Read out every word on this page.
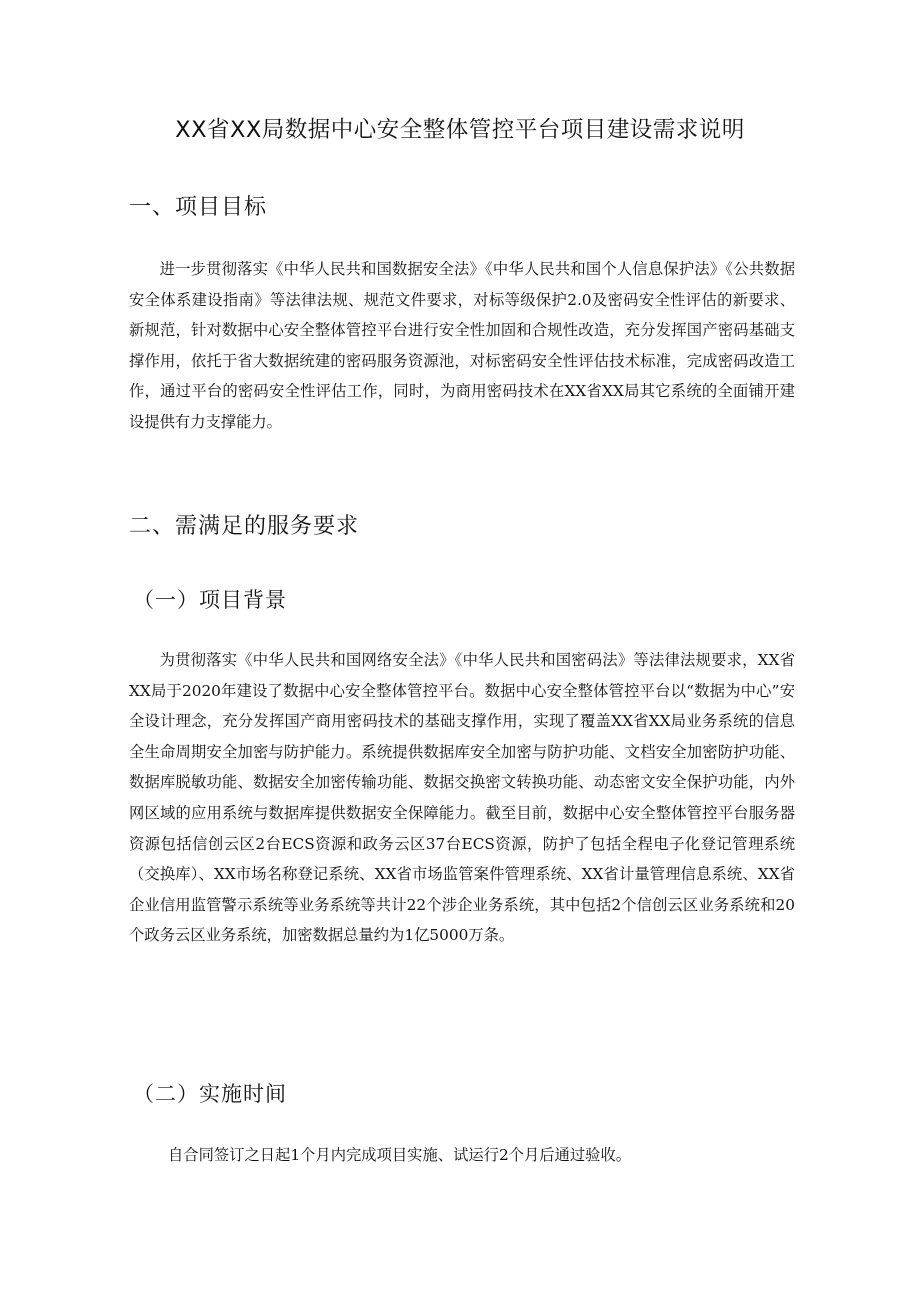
XX省XX局数据中心安全整体管控平台项目建设需求说明
一、项目目标
进一步贯彻落实《中华人民共和国数据安全法》《中华人民共和国个人信息保护法》《公共数据安全体系建设指南》等法律法规、规范文件要求，对标等级保护2.0及密码安全性评估的新要求、新规范，针对数据中心安全整体管控平台进行安全性加固和合规性改造，充分发挥国产密码基础支撑作用，依托于省大数据统建的密码服务资源池，对标密码安全性评估技术标准，完成密码改造工作，通过平台的密码安全性评估工作，同时，为商用密码技术在XX省XX局其它系统的全面铺开建设提供有力支撑能力。
二、需满足的服务要求
（一）项目背景
为贯彻落实《中华人民共和国网络安全法》《中华人民共和国密码法》等法律法规要求，XX省XX局于2020年建设了数据中心安全整体管控平台。数据中心安全整体管控平台以“数据为中心”安全设计理念，充分发挥国产商用密码技术的基础支撑作用，实现了覆盖XX省XX局业务系统的信息全生命周期安全加密与防护能力。系统提供数据库安全加密与防护功能、文档安全加密防护功能、数据库脱敏功能、数据安全加密传输功能、数据交换密文转换功能、动态密文安全保护功能，内外网区域的应用系统与数据库提供数据安全保障能力。截至目前，数据中心安全整体管控平台服务器资源包括信创云区2台ECS资源和政务云区37台ECS资源，防护了包括全程电子化登记管理系统（交换库）、XX市场名称登记系统、XX省市场监管案件管理系统、XX省计量管理信息系统、XX省企业信用监管警示系统等业务系统等共计22个涉企业务系统，其中包括2个信创云区业务系统和20个政务云区业务系统，加密数据总量约为1亿5000万条。
（二）实施时间
自合同签订之日起1个月内完成项目实施、试运行2个月后通过验收。
